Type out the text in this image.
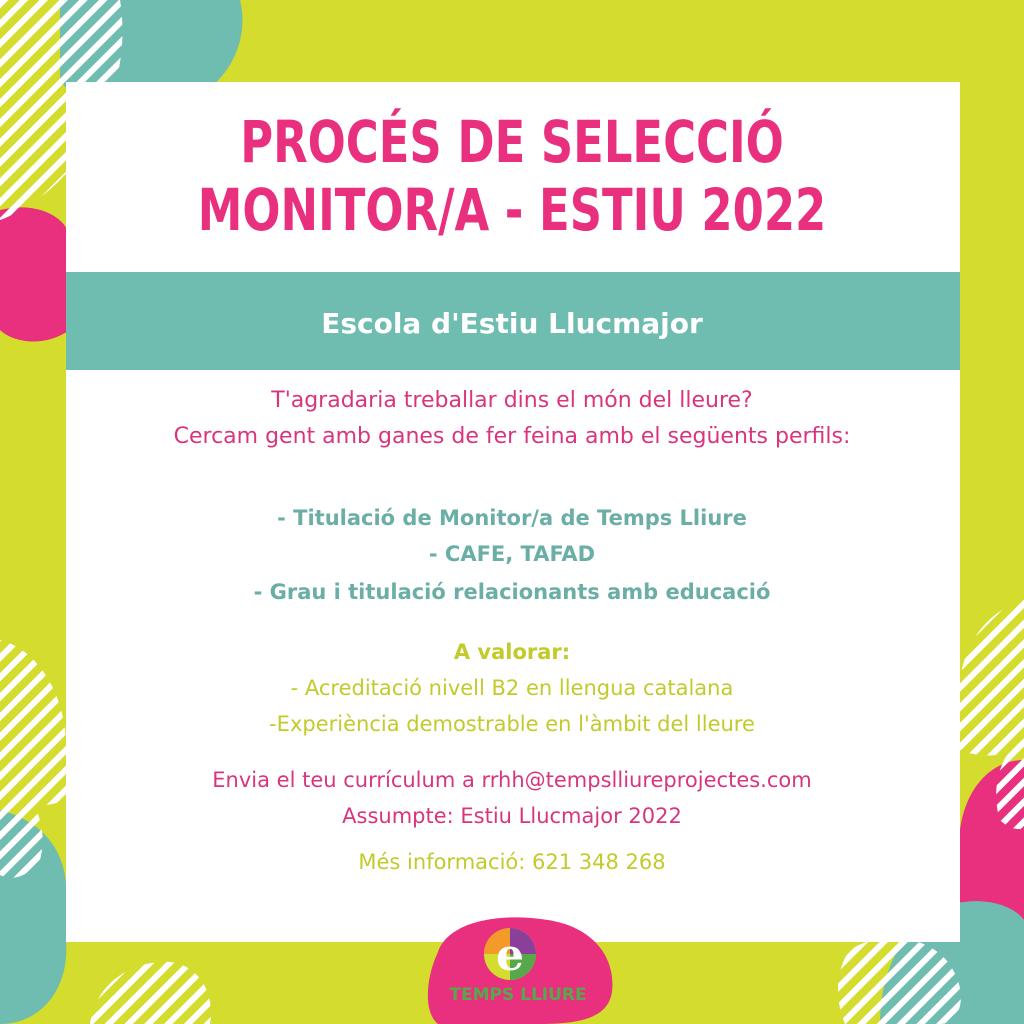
PROCÉS DE SELECCIÓ
MONITOR/A - ESTIU 2022
Escola d'Estiu Llucmajor
T'agradaria treballar dins el món del lleure?
Cercam gent amb ganes de fer feina amb el següents perfils:
- Titulació de Monitor/a de Temps Lliure
- CAFE, TAFAD
- Grau i titulació relacionants amb educació
A valorar:
- Acreditació nivell B2 en llengua catalana
-Experiència demostrable en l'àmbit del lleure
Envia el teu currículum a rrhh@tempslliureprojectes.com
Assumpte: Estiu Llucmajor 2022
Més informació: 621 348 268
e
TEMPS LLIURE
